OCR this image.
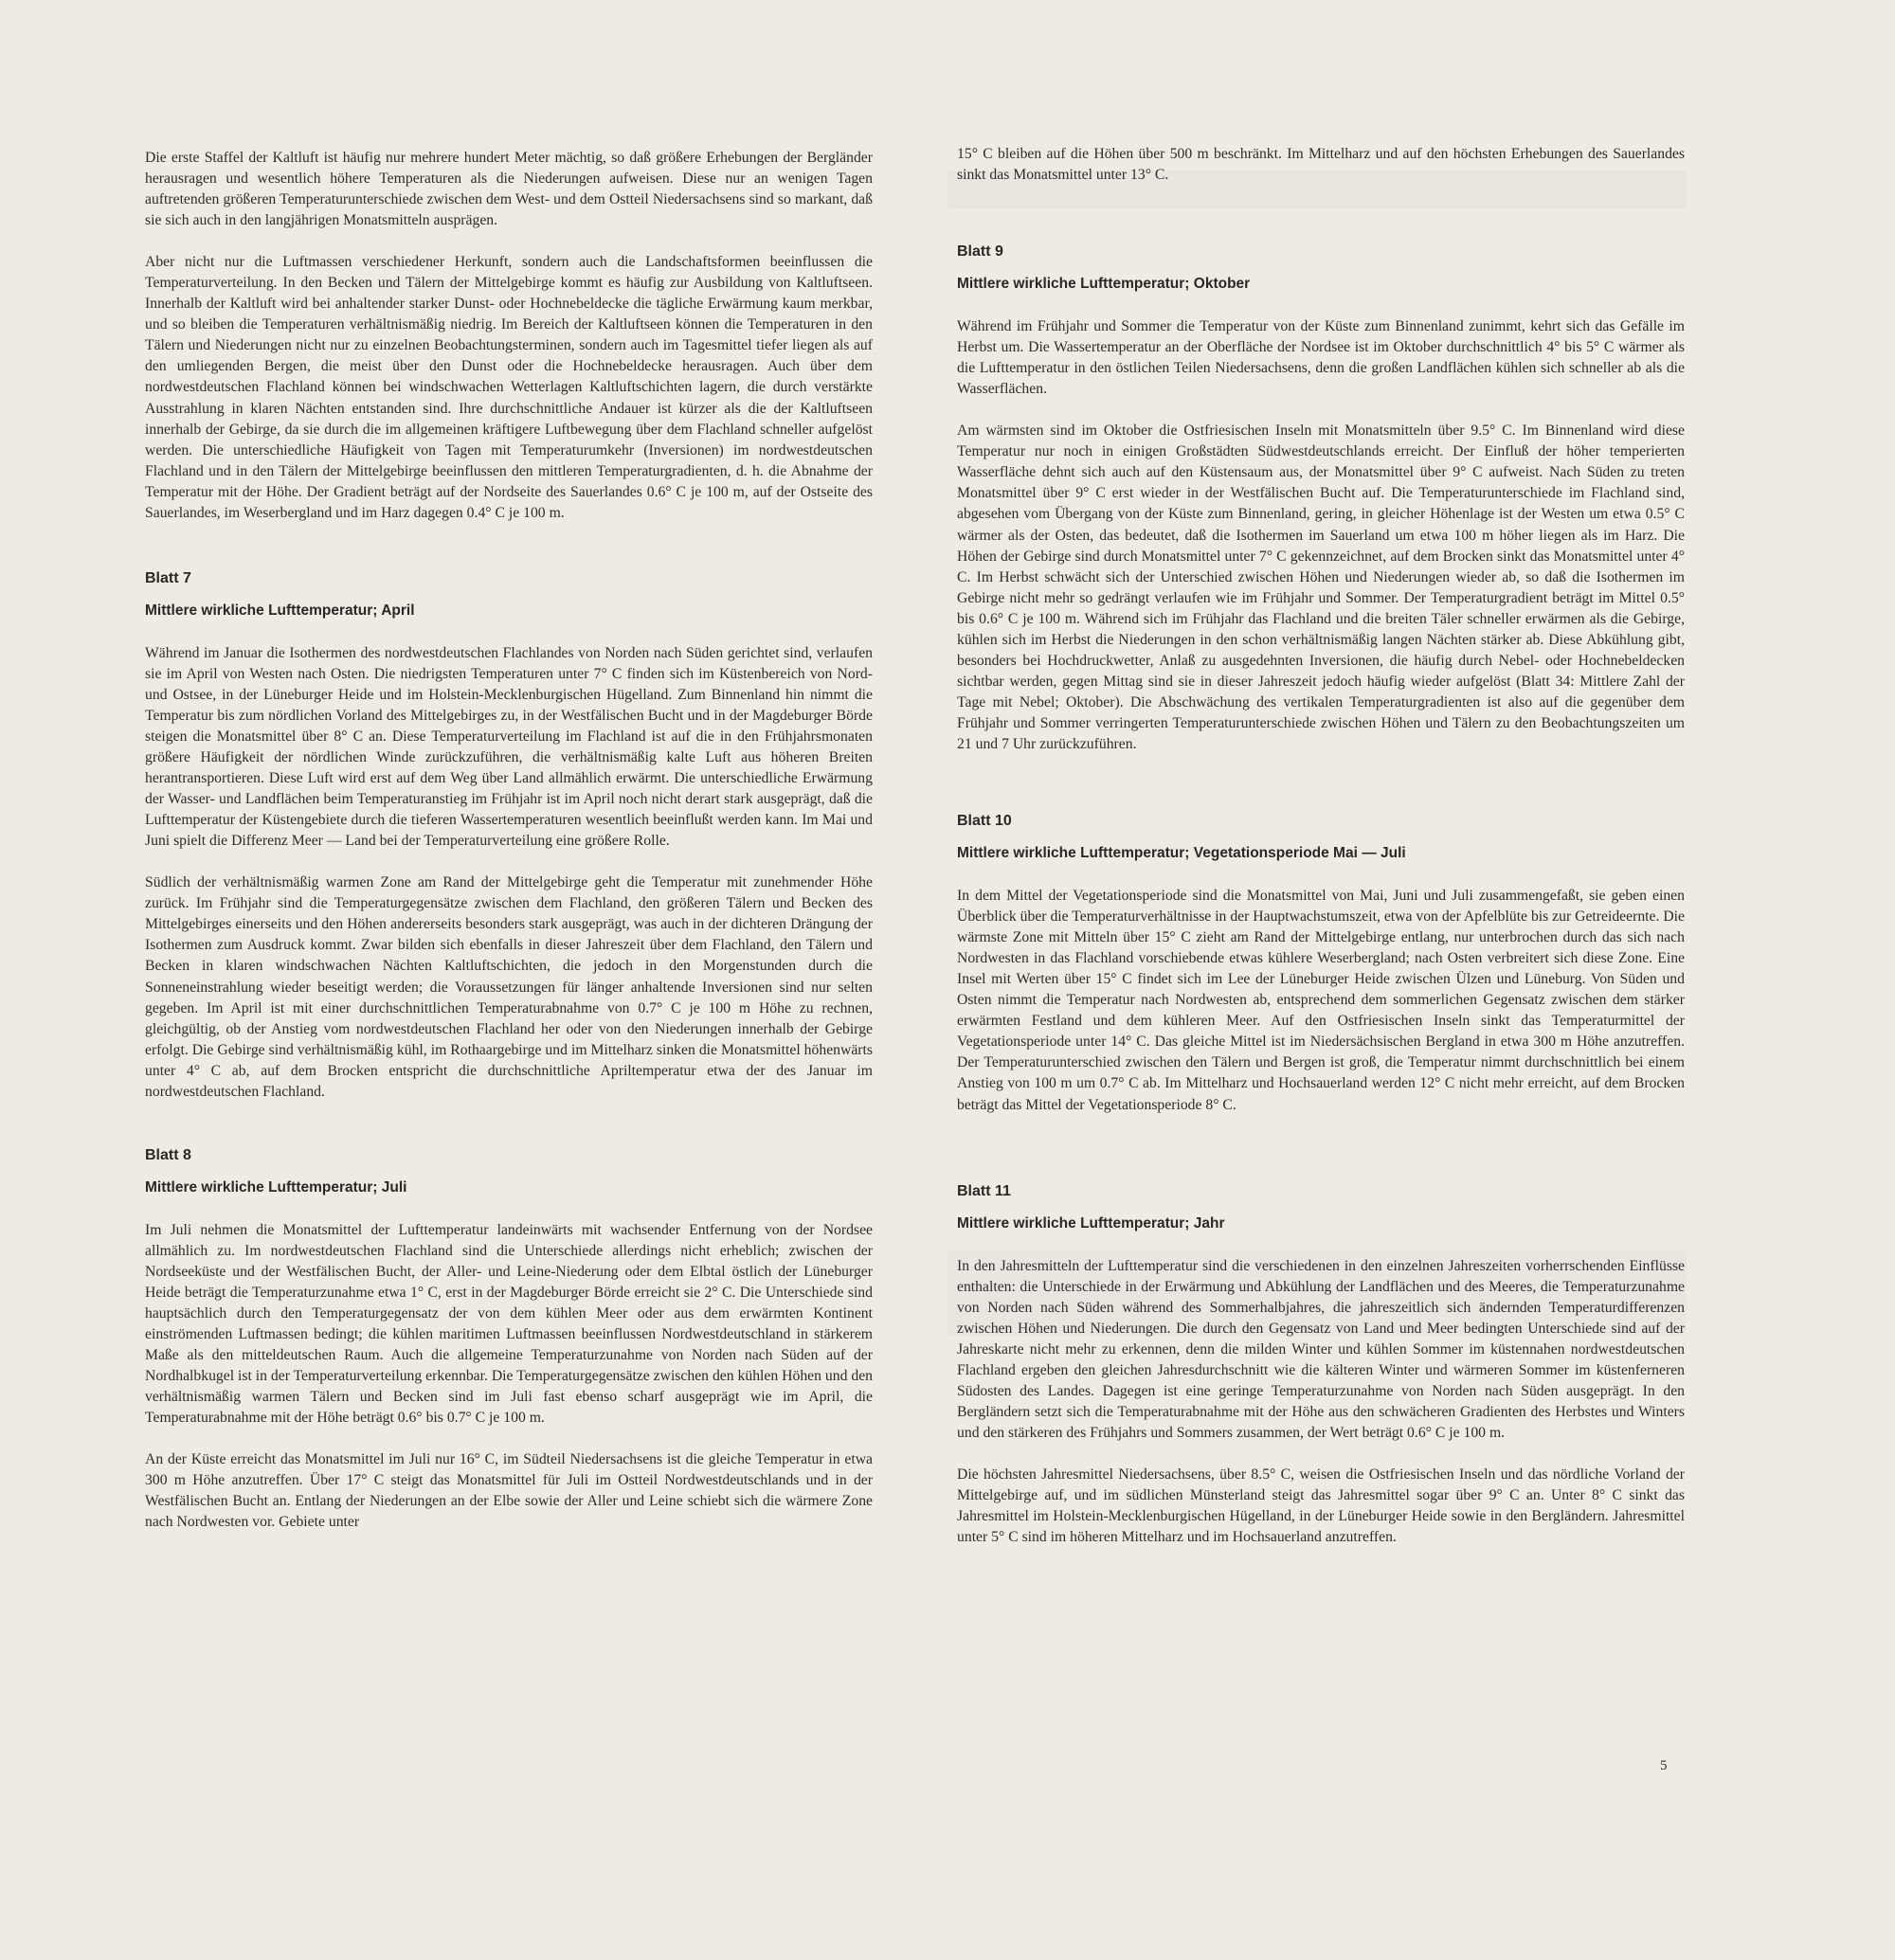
Die erste Staffel der Kaltluft ist häufig nur mehrere hundert Meter mächtig, so daß größere Erhebungen der Bergländer herausragen und wesentlich höhere Temperaturen als die Niederungen aufweisen. Diese nur an wenigen Tagen auftretenden größeren Temperaturunterschiede zwischen dem West- und dem Ostteil Niedersachsens sind so markant, daß sie sich auch in den langjährigen Monatsmitteln ausprägen.

Aber nicht nur die Luftmassen verschiedener Herkunft, sondern auch die Landschaftsformen beeinflussen die Temperaturverteilung. In den Becken und Tälern der Mittelgebirge kommt es häufig zur Ausbildung von Kaltluftseen. Innerhalb der Kaltluft wird bei anhaltender starker Dunst- oder Hochnebeldecke die tägliche Erwärmung kaum merkbar, und so bleiben die Temperaturen verhältnismäßig niedrig. Im Bereich der Kaltluftseen können die Temperaturen in den Tälern und Niederungen nicht nur zu einzelnen Beobachtungsterminen, sondern auch im Tagesmittel tiefer liegen als auf den umliegenden Bergen, die meist über den Dunst oder die Hochnebeldecke herausragen. Auch über dem nordwestdeutschen Flachland können bei windschwachen Wetterlagen Kaltluftschichten lagern, die durch verstärkte Ausstrahlung in klaren Nächten entstanden sind. Ihre durchschnittliche Andauer ist kürzer als die der Kaltluftseen innerhalb der Gebirge, da sie durch die im allgemeinen kräftigere Luftbewegung über dem Flachland schneller aufgelöst werden. Die unterschiedliche Häufigkeit von Tagen mit Temperaturumkehr (Inversionen) im nordwestdeutschen Flachland und in den Tälern der Mittelgebirge beeinflussen den mittleren Temperaturgradienten, d. h. die Abnahme der Temperatur mit der Höhe. Der Gradient beträgt auf der Nordseite des Sauerlandes 0.6° C je 100 m, auf der Ostseite des Sauerlandes, im Weserbergland und im Harz dagegen 0.4° C je 100 m.

Blatt 7
Mittlere wirkliche Lufttemperatur; April

Während im Januar die Isothermen des nordwestdeutschen Flachlandes von Norden nach Süden gerichtet sind, verlaufen sie im April von Westen nach Osten. Die niedrigsten Temperaturen unter 7° C finden sich im Küstenbereich von Nord- und Ostsee, in der Lüneburger Heide und im Holstein-Mecklenburgischen Hügelland. Zum Binnenland hin nimmt die Temperatur bis zum nördlichen Vorland des Mittelgebirges zu, in der Westfälischen Bucht und in der Magdeburger Börde steigen die Monatsmittel über 8° C an. Diese Temperaturverteilung im Flachland ist auf die in den Frühjahrsmonaten größere Häufigkeit der nördlichen Winde zurückzuführen, die verhältnismäßig kalte Luft aus höheren Breiten herantransportieren. Diese Luft wird erst auf dem Weg über Land allmählich erwärmt. Die unterschiedliche Erwärmung der Wasser- und Landflächen beim Temperaturanstieg im Frühjahr ist im April noch nicht derart stark ausgeprägt, daß die Lufttemperatur der Küstengebiete durch die tieferen Wassertemperaturen wesentlich beeinflußt werden kann. Im Mai und Juni spielt die Differenz Meer — Land bei der Temperaturverteilung eine größere Rolle.

Südlich der verhältnismäßig warmen Zone am Rand der Mittelgebirge geht die Temperatur mit zunehmender Höhe zurück. Im Frühjahr sind die Temperaturgegensätze zwischen dem Flachland, den größeren Tälern und Becken des Mittelgebirges einerseits und den Höhen andererseits besonders stark ausgeprägt, was auch in der dichteren Drängung der Isothermen zum Ausdruck kommt. Zwar bilden sich ebenfalls in dieser Jahreszeit über dem Flachland, den Tälern und Becken in klaren windschwachen Nächten Kaltluftschichten, die jedoch in den Morgenstunden durch die Sonneneinstrahlung wieder beseitigt werden; die Voraussetzungen für länger anhaltende Inversionen sind nur selten gegeben. Im April ist mit einer durchschnittlichen Temperaturabnahme von 0.7° C je 100 m Höhe zu rechnen, gleichgültig, ob der Anstieg vom nordwestdeutschen Flachland her oder von den Niederungen innerhalb der Gebirge erfolgt. Die Gebirge sind verhältnismäßig kühl, im Rothaargebirge und im Mittelharz sinken die Monatsmittel höhenwärts unter 4° C ab, auf dem Brocken entspricht die durchschnittliche Apriltemperatur etwa der des Januar im nordwestdeutschen Flachland.

Blatt 8
Mittlere wirkliche Lufttemperatur; Juli

Im Juli nehmen die Monatsmittel der Lufttemperatur landeinwärts mit wachsender Entfernung von der Nordsee allmählich zu. Im nordwestdeutschen Flachland sind die Unterschiede allerdings nicht erheblich; zwischen der Nordseeküste und der Westfälischen Bucht, der Aller- und Leine-Niederung oder dem Elbtal östlich der Lüneburger Heide beträgt die Temperaturzunahme etwa 1° C, erst in der Magdeburger Börde erreicht sie 2° C. Die Unterschiede sind hauptsächlich durch den Temperaturgegensatz der von dem kühlen Meer oder aus dem erwärmten Kontinent einströmenden Luftmassen bedingt; die kühlen maritimen Luftmassen beeinflussen Nordwestdeutschland in stärkerem Maße als den mitteldeutschen Raum. Auch die allgemeine Temperaturzunahme von Norden nach Süden auf der Nordhalbkugel ist in der Temperaturverteilung erkennbar. Die Temperaturgegensätze zwischen den kühlen Höhen und den verhältnismäßig warmen Tälern und Becken sind im Juli fast ebenso scharf ausgeprägt wie im April, die Temperaturabnahme mit der Höhe beträgt 0.6° bis 0.7° C je 100 m.

An der Küste erreicht das Monatsmittel im Juli nur 16° C, im Südteil Niedersachsens ist die gleiche Temperatur in etwa 300 m Höhe anzutreffen. Über 17° C steigt das Monatsmittel für Juli im Ostteil Nordwestdeutschlands und in der Westfälischen Bucht an. Entlang der Niederungen an der Elbe sowie der Aller und Leine schiebt sich die wärmere Zone nach Nordwesten vor. Gebiete unter

15° C bleiben auf die Höhen über 500 m beschränkt. Im Mittelharz und auf den höchsten Erhebungen des Sauerlandes sinkt das Monatsmittel unter 13° C.

Blatt 9
Mittlere wirkliche Lufttemperatur; Oktober

Während im Frühjahr und Sommer die Temperatur von der Küste zum Binnenland zunimmt, kehrt sich das Gefälle im Herbst um. Die Wassertemperatur an der Oberfläche der Nordsee ist im Oktober durchschnittlich 4° bis 5° C wärmer als die Lufttemperatur in den östlichen Teilen Niedersachsens, denn die großen Landflächen kühlen sich schneller ab als die Wasserflächen.

Am wärmsten sind im Oktober die Ostfriesischen Inseln mit Monatsmitteln über 9.5° C. Im Binnenland wird diese Temperatur nur noch in einigen Großstädten Südwestdeutschlands erreicht. Der Einfluß der höher temperierten Wasserfläche dehnt sich auch auf den Küstensaum aus, der Monatsmittel über 9° C aufweist. Nach Süden zu treten Monatsmittel über 9° C erst wieder in der Westfälischen Bucht auf. Die Temperaturunterschiede im Flachland sind, abgesehen vom Übergang von der Küste zum Binnenland, gering, in gleicher Höhenlage ist der Westen um etwa 0.5° C wärmer als der Osten, das bedeutet, daß die Isothermen im Sauerland um etwa 100 m höher liegen als im Harz. Die Höhen der Gebirge sind durch Monatsmittel unter 7° C gekennzeichnet, auf dem Brocken sinkt das Monatsmittel unter 4° C. Im Herbst schwächt sich der Unterschied zwischen Höhen und Niederungen wieder ab, so daß die Isothermen im Gebirge nicht mehr so gedrängt verlaufen wie im Frühjahr und Sommer. Der Temperaturgradient beträgt im Mittel 0.5° bis 0.6° C je 100 m. Während sich im Frühjahr das Flachland und die breiten Täler schneller erwärmen als die Gebirge, kühlen sich im Herbst die Niederungen in den schon verhältnismäßig langen Nächten stärker ab. Diese Abkühlung gibt, besonders bei Hochdruckwetter, Anlaß zu ausgedehnten Inversionen, die häufig durch Nebel- oder Hochnebeldecken sichtbar werden, gegen Mittag sind sie in dieser Jahreszeit jedoch häufig wieder aufgelöst (Blatt 34: Mittlere Zahl der Tage mit Nebel; Oktober). Die Abschwächung des vertikalen Temperaturgradienten ist also auf die gegenüber dem Frühjahr und Sommer verringerten Temperaturunterschiede zwischen Höhen und Tälern zu den Beobachtungszeiten um 21 und 7 Uhr zurückzuführen.

Blatt 10
Mittlere wirkliche Lufttemperatur; Vegetationsperiode Mai — Juli

In dem Mittel der Vegetationsperiode sind die Monatsmittel von Mai, Juni und Juli zusammengefaßt, sie geben einen Überblick über die Temperaturverhältnisse in der Hauptwachstumszeit, etwa von der Apfelblüte bis zur Getreideernte. Die wärmste Zone mit Mitteln über 15° C zieht am Rand der Mittelgebirge entlang, nur unterbrochen durch das sich nach Nordwesten in das Flachland vorschiebende etwas kühlere Weserbergland; nach Osten verbreitert sich diese Zone. Eine Insel mit Werten über 15° C findet sich im Lee der Lüneburger Heide zwischen Ülzen und Lüneburg. Von Süden und Osten nimmt die Temperatur nach Nordwesten ab, entsprechend dem sommerlichen Gegensatz zwischen dem stärker erwärmten Festland und dem kühleren Meer. Auf den Ostfriesischen Inseln sinkt das Temperaturmittel der Vegetationsperiode unter 14° C. Das gleiche Mittel ist im Niedersächsischen Bergland in etwa 300 m Höhe anzutreffen. Der Temperaturunterschied zwischen den Tälern und Bergen ist groß, die Temperatur nimmt durchschnittlich bei einem Anstieg von 100 m um 0.7° C ab. Im Mittelharz und Hochsauerland werden 12° C nicht mehr erreicht, auf dem Brocken beträgt das Mittel der Vegetationsperiode 8° C.

Blatt 11
Mittlere wirkliche Lufttemperatur; Jahr

In den Jahresmitteln der Lufttemperatur sind die verschiedenen in den einzelnen Jahreszeiten vorherrschenden Einflüsse enthalten: die Unterschiede in der Erwärmung und Abkühlung der Landflächen und des Meeres, die Temperaturzunahme von Norden nach Süden während des Sommerhalbjahres, die jahreszeitlich sich ändernden Temperaturdifferenzen zwischen Höhen und Niederungen. Die durch den Gegensatz von Land und Meer bedingten Unterschiede sind auf der Jahreskarte nicht mehr zu erkennen, denn die milden Winter und kühlen Sommer im küstennahen nordwestdeutschen Flachland ergeben den gleichen Jahresdurchschnitt wie die kälteren Winter und wärmeren Sommer im küstenferneren Südosten des Landes. Dagegen ist eine geringe Temperaturzunahme von Norden nach Süden ausgeprägt. In den Bergländern setzt sich die Temperaturabnahme mit der Höhe aus den schwächeren Gradienten des Herbstes und Winters und den stärkeren des Frühjahrs und Sommers zusammen, der Wert beträgt 0.6° C je 100 m.

Die höchsten Jahresmittel Niedersachsens, über 8.5° C, weisen die Ostfriesischen Inseln und das nördliche Vorland der Mittelgebirge auf, und im südlichen Münsterland steigt das Jahresmittel sogar über 9° C an. Unter 8° C sinkt das Jahresmittel im Holstein-Mecklenburgischen Hügelland, in der Lüneburger Heide sowie in den Bergländern. Jahresmittel unter 5° C sind im höheren Mittelharz und im Hochsauerland anzutreffen.

5
